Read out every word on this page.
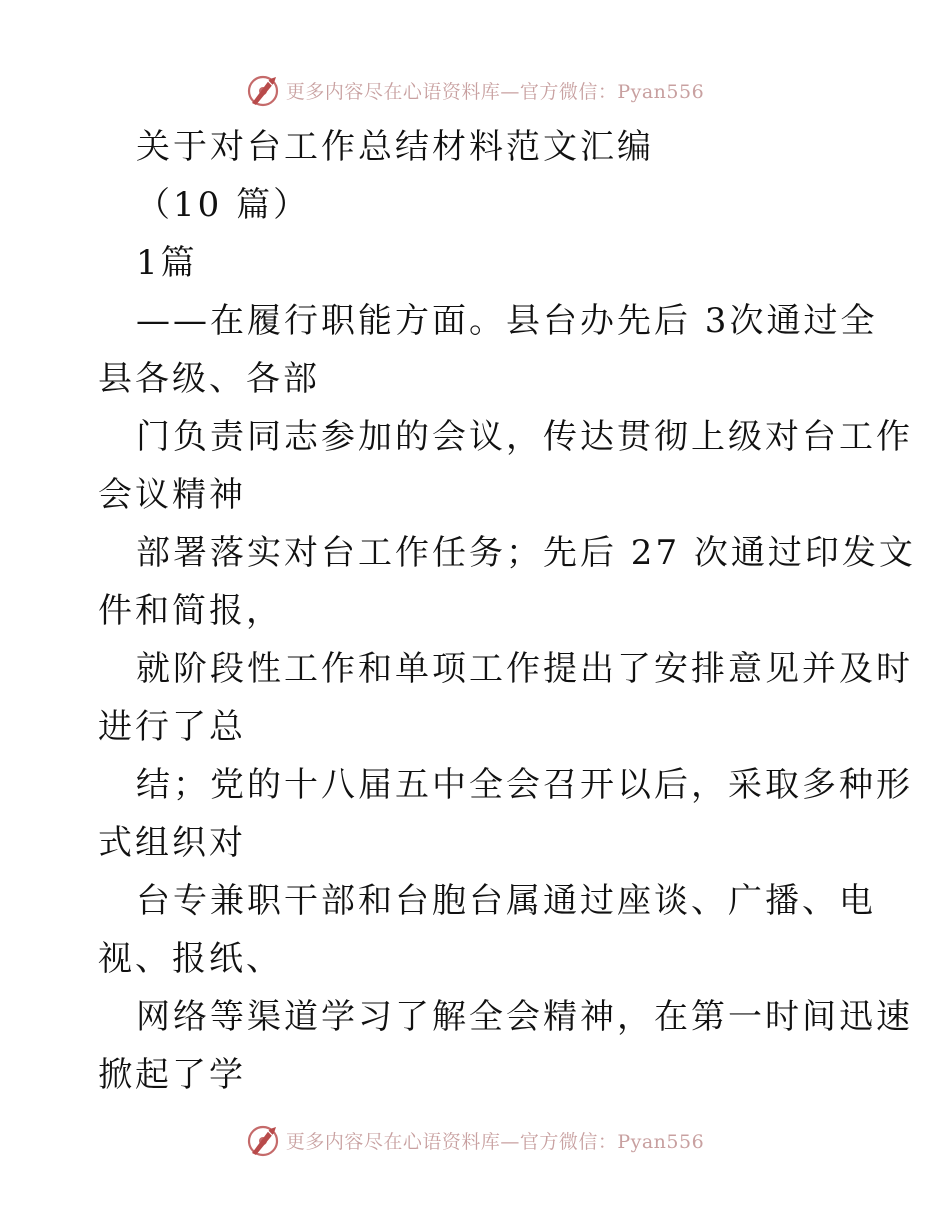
更多内容尽在心语资料库—官方微信：Pyan556
关于对台工作总结材料范文汇编
（10 篇）
1篇
——在履行职能方面。县台办先后 3次通过全
县各级、各部
门负责同志参加的会议，传达贯彻上级对台工作
会议精神
部署落实对台工作任务；先后 27 次通过印发文
件和简报，
就阶段性工作和单项工作提出了安排意见并及时
进行了总
结；党的十八届五中全会召开以后，采取多种形
式组织对
台专兼职干部和台胞台属通过座谈、广播、电
视、报纸、
网络等渠道学习了解全会精神，在第一时间迅速
掀起了学
更多内容尽在心语资料库—官方微信：Pyan556
